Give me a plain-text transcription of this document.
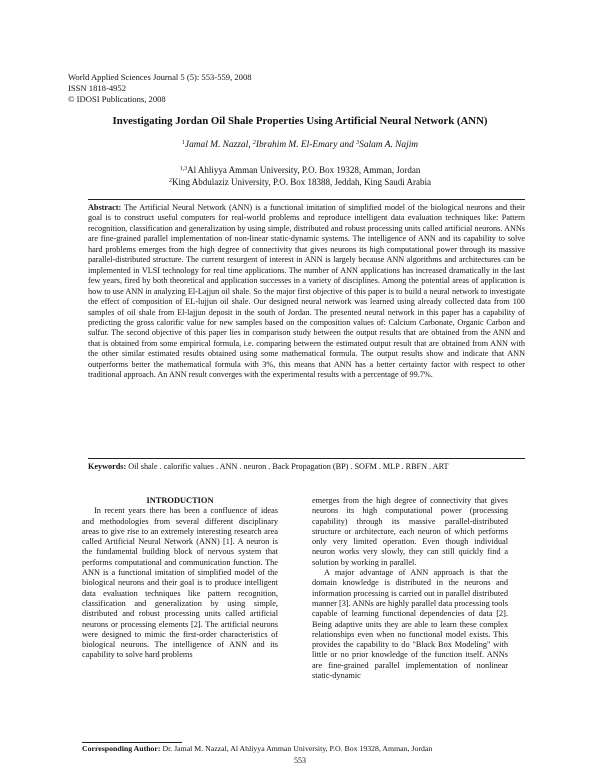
World Applied Sciences Journal 5 (5): 553-559, 2008
ISSN 1818-4952
© IDOSI Publications, 2008
Investigating Jordan Oil Shale Properties Using Artificial Neural Network (ANN)
$^1$Jamal M. Nazzal, $^2$Ibrahim M. El-Emary and $^3$Salam A. Najim
$^{1,3}$Al Ahliyya Amman University, P.O. Box 19328, Amman, Jordan
$^2$King Abdulaziz University, P.O. Box 18388, Jeddah, King Saudi Arabia
Abstract: The Artificial Neural Network (ANN) is a functional imitation of simplified model of the biological neurons and their goal is to construct useful computers for real-world problems and reproduce intelligent data evaluation techniques like: Pattern recognition, classification and generalization by using simple, distributed and robust processing units called artificial neurons. ANNs are fine-grained parallel implementation of non-linear static-dynamic systems. The intelligence of ANN and its capability to solve hard problems emerges from the high degree of connectivity that gives neurons its high computational power through its massive parallel-distributed structure. The current resurgent of interest in ANN is largely because ANN algorithms and architectures can be implemented in VLSI technology for real time applications. The number of ANN applications has increased dramatically in the last few years, fired by both theoretical and application successes in a variety of disciplines. Among the potential areas of application is how to use ANN in analyzing El-Lajjun oil shale. So the major first objective of this paper is to build a neural network to investigate the effect of composition of EL-lujjun oil shale. Our designed neural network was learned using already collected data from 100 samples of oil shale from El-lajjun deposit in the south of Jordan. The presented neural network in this paper has a capability of predicting the gross calorific value for new samples based on the composition values of: Calcium Carbonate, Organic Carbon and sulfur. The second objective of this paper lies in comparison study between the output results that are obtained from the ANN and that is obtained from some empirical formula, i.e. comparing between the estimated output result that are obtained from ANN with the other similar estimated results obtained using some mathematical formula. The output results show and indicate that ANN outperforms better the mathematical formula with 3%, this means that ANN has a better certainty factor with respect to other traditional approach. An ANN result converges with the experimental results with a percentage of 99.7%.
Keywords: Oil shale . calorific values . ANN . neuron . Back Propagation (BP) . SOFM . MLP . RBFN . ART

INTRODUCTION

In recent years there has been a confluence of ideas and methodologies from several different disciplinary areas to give rise to an extremely interesting research area called Artificial Neural Network (ANN) [1]. A neuron is the fundamental building block of nervous system that performs computational and communication function. The ANN is a functional imitation of simplified model of the biological neurons and their goal is to produce intelligent data evaluation techniques like pattern recognition, classification and generalization by using simple, distributed and robust processing units called artificial neurons or processing elements [2]. The artificial neurons were designed to mimic the first-order characteristics of biological neurons. The intelligence of ANN and its capability to solve hard problems

emerges from the high degree of connectivity that gives neurons its high computational power (processing capability) through its massive parallel-distributed structure or architecture, each neuron of which performs only very limited operation. Even though individual neuron works very slowly, they can still quickly find a solution by working in parallel.

A major advantage of ANN approach is that the domain knowledge is distributed in the neurons and information processing is carried out in parallel distributed manner [3]. ANNs are highly parallel data processing tools capable of learning functional dependencies of data [2]. Being adaptive units they are able to learn these complex relationships even when no functional model exists. This provides the capability to do "Black Box Modeling" with little or no prior knowledge of the function itself. ANNs are fine-grained parallel implementation of nonlinear static-dynamic

Corresponding Author: Dr. Jamal M. Nazzal, Al Ahliyya Amman University, P.O. Box 19328, Amman, Jordan
553
